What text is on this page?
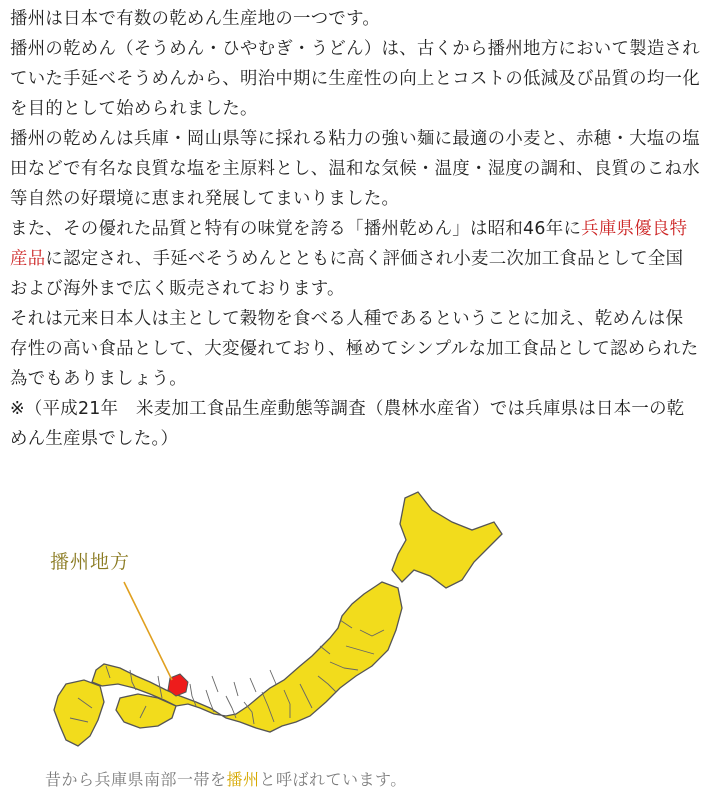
播州は日本で有数の乾めん生産地の一つです。

播州の乾めん（そうめん・ひやむぎ・うどん）は、古くから播州地方において製造されていた手延べそうめんから、明治中期に生産性の向上とコストの低減及び品質の均一化を目的として始められました。

播州の乾めんは兵庫・岡山県等に採れる粘力の強い麺に最適の小麦と、赤穂・大塩の塩田などで有名な良質な塩を主原料とし、温和な気候・温度・湿度の調和、良質のこね水等自然の好環境に恵まれ発展してまいりました。

また、その優れた品質と特有の味覚を誇る「播州乾めん」は昭和46年に兵庫県優良特産品に認定され、手延べそうめんとともに高く評価され小麦二次加工食品として全国および海外まで広く販売されております。

それは元来日本人は主として穀物を食べる人種であるということに加え、乾めんは保存性の高い食品として、大変優れており、極めてシンプルな加工食品として認められた為でもありましょう。

※（平成21年　米麦加工食品生産動態等調査（農林水産省）では兵庫県は日本一の乾めん生産県でした。）

播州地方
昔から兵庫県南部一帯を播州と呼ばれています。
